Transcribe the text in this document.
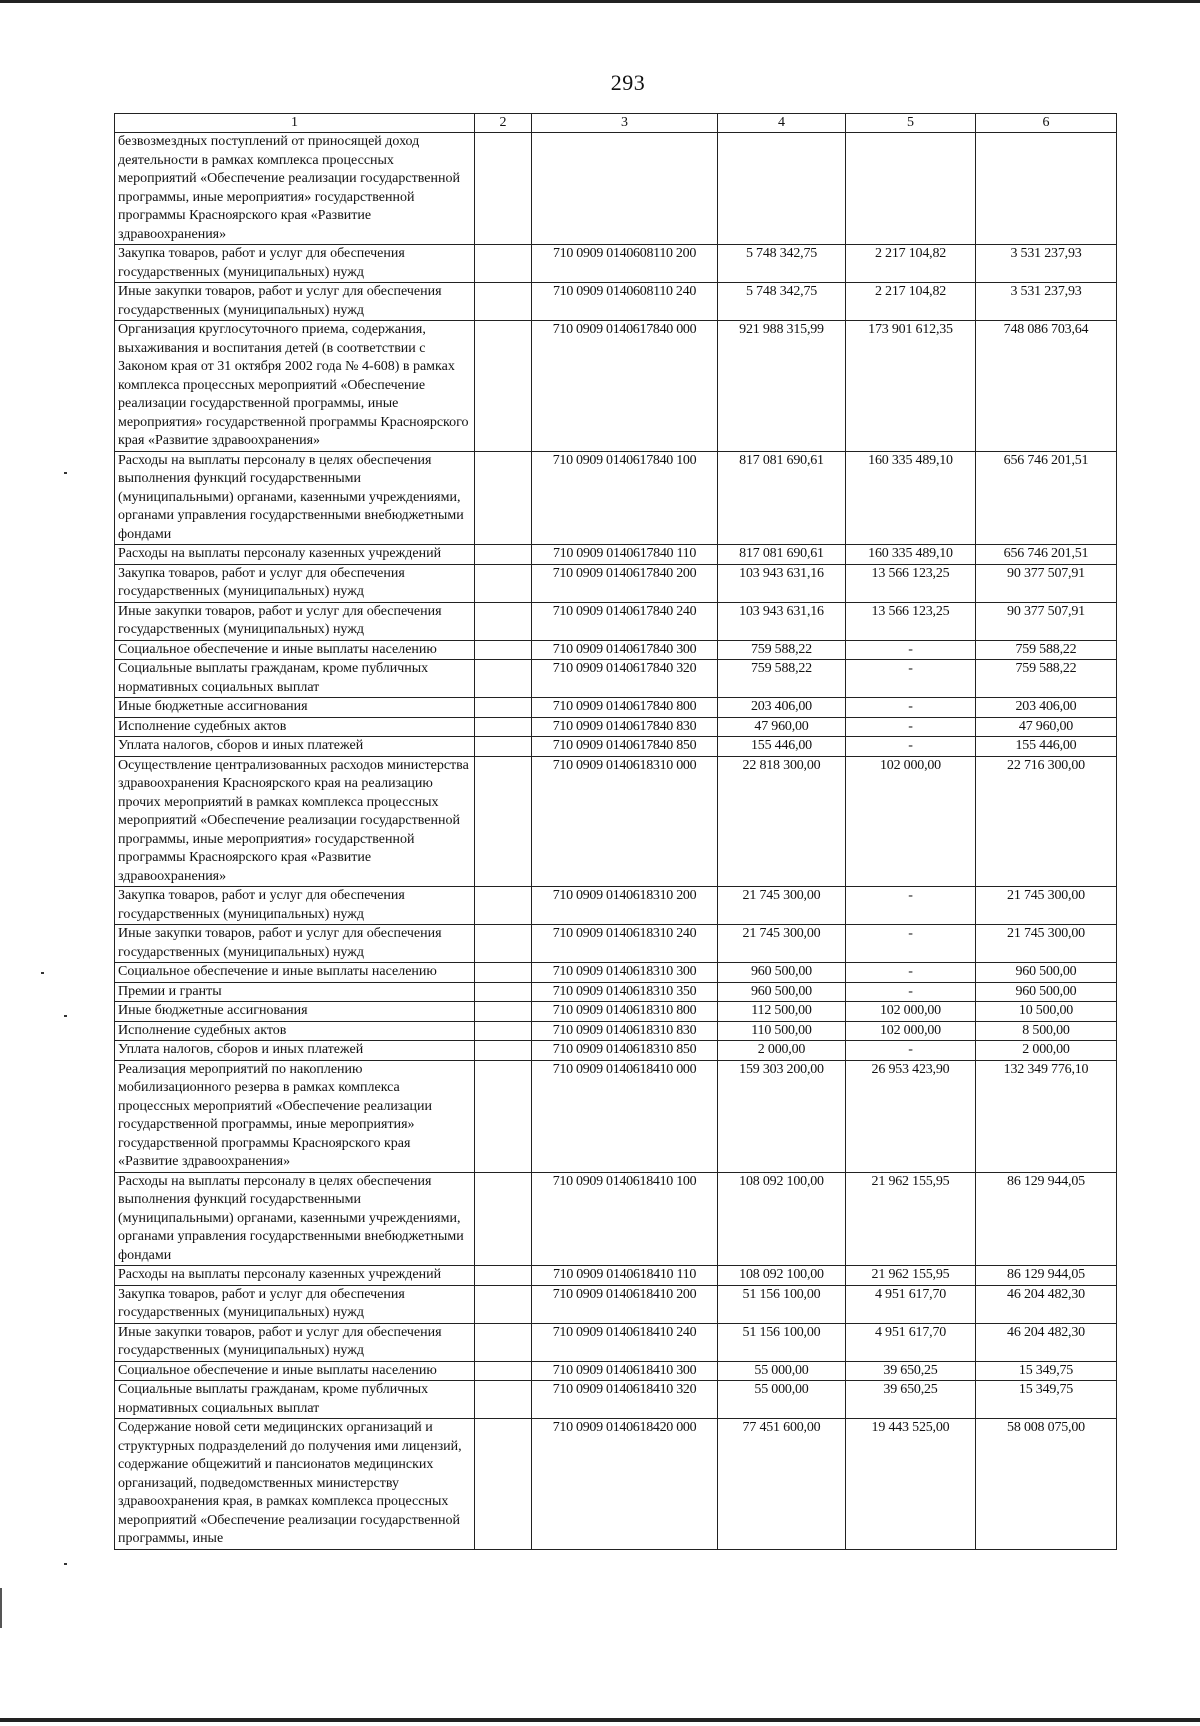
293
1	2	3	4	5	6
безвозмездных поступлений от приносящей доход деятельности в рамках комплекса процессных мероприятий «Обеспечение реализации государственной программы, иные мероприятия» государственной программы Красноярского края «Развитие здравоохранения»					
Закупка товаров, работ и услуг для обеспечения государственных (муниципальных) нужд		710 0909 0140608110 200	5 748 342,75	2 217 104,82	3 531 237,93
Иные закупки товаров, работ и услуг для обеспечения государственных (муниципальных) нужд		710 0909 0140608110 240	5 748 342,75	2 217 104,82	3 531 237,93
Организация круглосуточного приема, содержания, выхаживания и воспитания детей (в соответствии с Законом края от 31 октября 2002 года № 4-608) в рамках комплекса процессных мероприятий «Обеспечение реализации государственной программы, иные мероприятия» государственной программы Красноярского края «Развитие здравоохранения»		710 0909 0140617840 000	921 988 315,99	173 901 612,35	748 086 703,64
Расходы на выплаты персоналу в целях обеспечения выполнения функций государственными (муниципальными) органами, казенными учреждениями, органами управления государственными внебюджетными фондами		710 0909 0140617840 100	817 081 690,61	160 335 489,10	656 746 201,51
Расходы на выплаты персоналу казенных учреждений		710 0909 0140617840 110	817 081 690,61	160 335 489,10	656 746 201,51
Закупка товаров, работ и услуг для обеспечения государственных (муниципальных) нужд		710 0909 0140617840 200	103 943 631,16	13 566 123,25	90 377 507,91
Иные закупки товаров, работ и услуг для обеспечения государственных (муниципальных) нужд		710 0909 0140617840 240	103 943 631,16	13 566 123,25	90 377 507,91
Социальное обеспечение и иные выплаты населению		710 0909 0140617840 300	759 588,22	-	759 588,22
Социальные выплаты гражданам, кроме публичных нормативных социальных выплат		710 0909 0140617840 320	759 588,22	-	759 588,22
Иные бюджетные ассигнования		710 0909 0140617840 800	203 406,00	-	203 406,00
Исполнение судебных актов		710 0909 0140617840 830	47 960,00	-	47 960,00
Уплата налогов, сборов и иных платежей		710 0909 0140617840 850	155 446,00	-	155 446,00
Осуществление централизованных расходов министерства здравоохранения Красноярского края на реализацию прочих мероприятий в рамках комплекса процессных мероприятий «Обеспечение реализации государственной программы, иные мероприятия» государственной программы Красноярского края «Развитие здравоохранения»		710 0909 0140618310 000	22 818 300,00	102 000,00	22 716 300,00
Закупка товаров, работ и услуг для обеспечения государственных (муниципальных) нужд		710 0909 0140618310 200	21 745 300,00	-	21 745 300,00
Иные закупки товаров, работ и услуг для обеспечения государственных (муниципальных) нужд		710 0909 0140618310 240	21 745 300,00	-	21 745 300,00
Социальное обеспечение и иные выплаты населению		710 0909 0140618310 300	960 500,00	-	960 500,00
Премии и гранты		710 0909 0140618310 350	960 500,00	-	960 500,00
Иные бюджетные ассигнования		710 0909 0140618310 800	112 500,00	102 000,00	10 500,00
Исполнение судебных актов		710 0909 0140618310 830	110 500,00	102 000,00	8 500,00
Уплата налогов, сборов и иных платежей		710 0909 0140618310 850	2 000,00	-	2 000,00
Реализация мероприятий по накоплению мобилизационного резерва в рамках комплекса процессных мероприятий «Обеспечение реализации государственной программы, иные мероприятия» государственной программы Красноярского края «Развитие здравоохранения»		710 0909 0140618410 000	159 303 200,00	26 953 423,90	132 349 776,10
Расходы на выплаты персоналу в целях обеспечения выполнения функций государственными (муниципальными) органами, казенными учреждениями, органами управления государственными внебюджетными фондами		710 0909 0140618410 100	108 092 100,00	21 962 155,95	86 129 944,05
Расходы на выплаты персоналу казенных учреждений		710 0909 0140618410 110	108 092 100,00	21 962 155,95	86 129 944,05
Закупка товаров, работ и услуг для обеспечения государственных (муниципальных) нужд		710 0909 0140618410 200	51 156 100,00	4 951 617,70	46 204 482,30
Иные закупки товаров, работ и услуг для обеспечения государственных (муниципальных) нужд		710 0909 0140618410 240	51 156 100,00	4 951 617,70	46 204 482,30
Социальное обеспечение и иные выплаты населению		710 0909 0140618410 300	55 000,00	39 650,25	15 349,75
Социальные выплаты гражданам, кроме публичных нормативных социальных выплат		710 0909 0140618410 320	55 000,00	39 650,25	15 349,75
Содержание новой сети медицинских организаций и структурных подразделений до получения ими лицензий, содержание общежитий и пансионатов медицинских организаций, подведомственных министерству здравоохранения края, в рамках комплекса процессных мероприятий «Обеспечение реализации государственной программы, иные		710 0909 0140618420 000	77 451 600,00	19 443 525,00	58 008 075,00
